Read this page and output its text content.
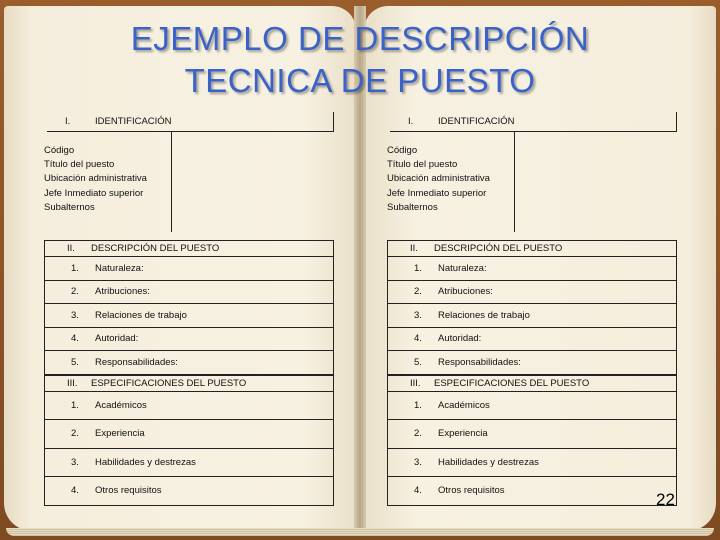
EJEMPLO DE DESCRIPCIÓN
TECNICA DE PUESTO
I.	IDENTIFICACIÓN
Código
Título del puesto
Ubicación administrativa
Jefe Inmediato superior
Subalternos
II.	DESCRIPCIÓN DEL PUESTO
1.	Naturaleza:
2.	Atribuciones:
3.	Relaciones de trabajo
4.	Autoridad:
5.	Responsabilidades:
III.	ESPECIFICACIONES DEL PUESTO
1.	Académicos
2.	Experiencia
3.	Habilidades y destrezas
4.	Otros requisitos
I.	IDENTIFICACIÓN
Código
Título del puesto
Ubicación administrativa
Jefe Inmediato superior
Subalternos
II.	DESCRIPCIÓN DEL PUESTO
1.	Naturaleza:
2.	Atribuciones:
3.	Relaciones de trabajo
4.	Autoridad:
5.	Responsabilidades:
III.	ESPECIFICACIONES DEL PUESTO
1.	Académicos
2.	Experiencia
3.	Habilidades y destrezas
4.	Otros requisitos	22
